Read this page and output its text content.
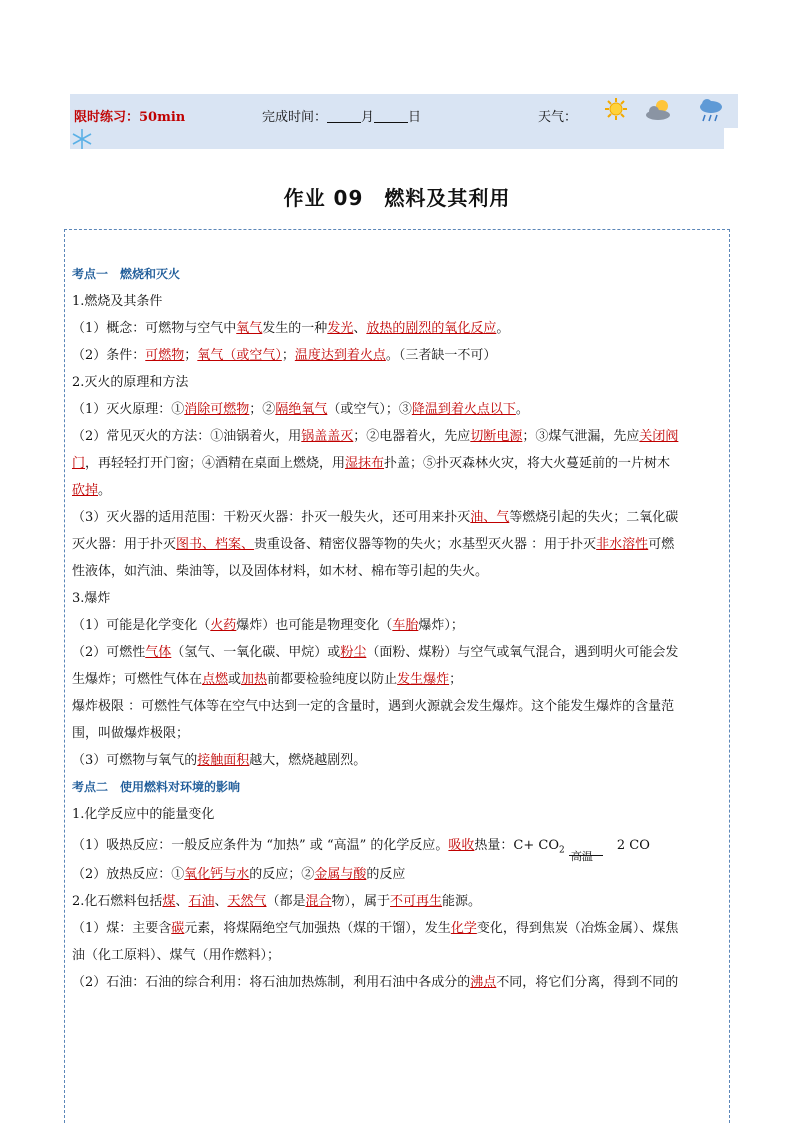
限时练习：50min	完成时间：	月	日	天气：
作业 09　燃料及其利用
考点一　燃烧和灭火
1.燃烧及其条件
（1）概念：可燃物与空气中氧气发生的一种发光、放热的剧烈的氧化反应。
（2）条件：可燃物；氧气（或空气）；温度达到着火点。（三者缺一不可）
2.灭火的原理和方法
（1）灭火原理：①消除可燃物；②隔绝氧气（或空气）；③降温到着火点以下。
（2）常见灭火的方法：①油锅着火，用锅盖盖灭；②电器着火，先应切断电源；③煤气泄漏，先应关闭阀
门，再轻轻打开门窗；④酒精在桌面上燃烧，用湿抹布扑盖；⑤扑灭森林火灾，将大火蔓延前的一片树木
砍掉。
（3）灭火器的适用范围：干粉灭火器：扑灭一般失火，还可用来扑灭油、气等燃烧引起的失火；二氧化碳
灭火器：用于扑灭图书、档案、贵重设备、精密仪器等物的失火；水基型灭火器 ：用于扑灭非水溶性可燃
性液体，如汽油、柴油等，以及固体材料，如木材、棉布等引起的失火。
3.爆炸
（1）可能是化学变化（火药爆炸）也可能是物理变化（车胎爆炸）；
（2）可燃性气体（氢气、一氧化碳、甲烷）或粉尘（面粉、煤粉）与空气或氧气混合，遇到明火可能会发
生爆炸；可燃性气体在点燃或加热前都要检验纯度以防止发生爆炸；
爆炸极限 ：可燃性气体等在空气中达到一定的含量时，遇到火源就会发生爆炸。这个能发生爆炸的含量范
围，叫做爆炸极限；
（3）可燃物与氧气的接触面积越大，燃烧越剧烈。
考点二　使用燃料对环境的影响
1.化学反应中的能量变化
（1）吸热反应：一般反应条件为 “加热” 或 “高温” 的化学反应。吸收热量：$C+ CO_2$ 高温
2 CO
（2）放热反应：①氧化钙与水的反应；②金属与酸的反应
2.化石燃料包括煤、石油、天然气（都是混合物），属于不可再生能源。
（1）煤：主要含碳元素，将煤隔绝空气加强热（煤的干馏），发生化学变化，得到焦炭（冶炼金属）、煤焦
油（化工原料）、煤气（用作燃料）；
（2）石油：石油的综合利用：将石油加热炼制，利用石油中各成分的沸点不同，将它们分离，得到不同的
